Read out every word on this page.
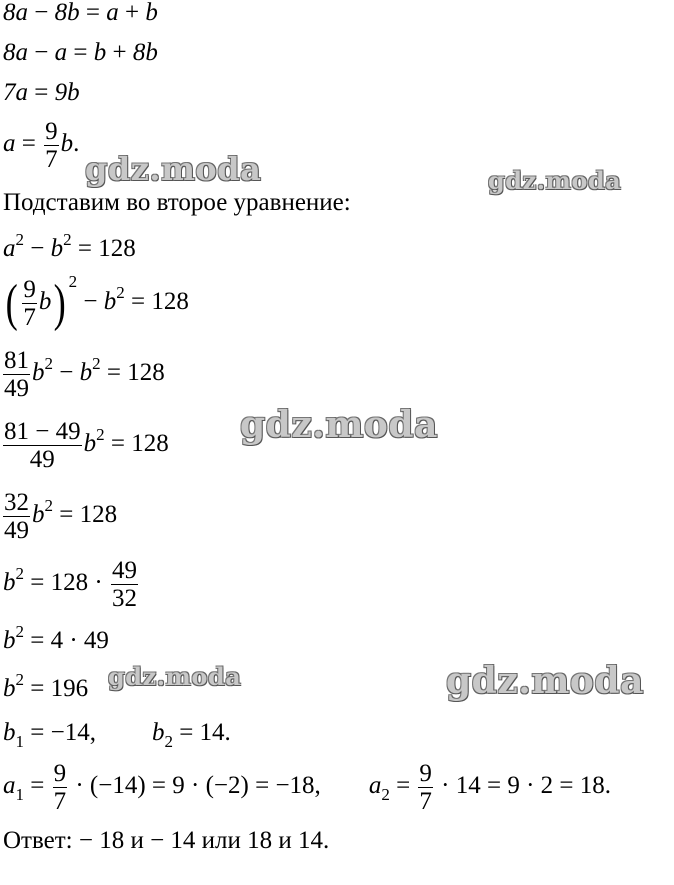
8a − 8b = a + b
8a − a = b + 8b
7a = 9b
$a = \frac{9}{7} b$.
Подставим во второе уравнение:
$a^2 - b^2 = 128$
( $\frac{9}{7} b$) $^2 - b^2 = 128$
$\frac{81}{49} b^2 - b^2 = 128$
$\frac{81 - 49}{49} b^2 = 128$
$\frac{32}{49} b^2 = 128$
$b^2 = 128 \cdot \frac{49}{32}$
$b^2 = 4 \cdot 49$
$b^2 = 196$
$b_1 = -14$, $b_2 = 14$.
$a_1 = \frac{9}{7} \cdot (-14) = 9 \cdot (-2) = -18$, $a_2 = \frac{9}{7} \cdot 14 = 9 \cdot 2 = 18$.
Ответ: − 18 и − 14 или 18 и 14.
gdz.moda	gdz.moda
gdz.moda
gdz.moda	gdz.moda
